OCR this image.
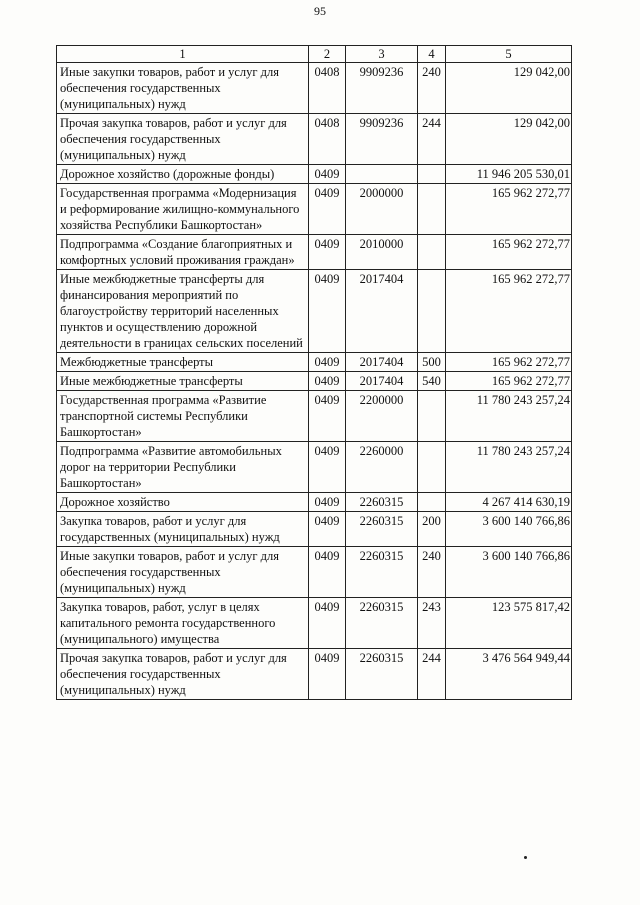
95
1	2	3	4	5
Иные закупки товаров, работ и услуг для обеспечения государственных (муниципальных) нужд	0408	9909236	240	129 042,00
Прочая закупка товаров, работ и услуг для обеспечения государственных (муниципальных) нужд	0408	9909236	244	129 042,00
Дорожное хозяйство (дорожные фонды)	0409			11 946 205 530,01
Государственная программа «Модернизация и реформирование жилищно-коммунального хозяйства Республики Башкортостан»	0409	2000000		165 962 272,77
Подпрограмма «Создание благоприятных и комфортных условий проживания граждан»	0409	2010000		165 962 272,77
Иные межбюджетные трансферты для финансирования мероприятий по благоустройству территорий населенных пунктов и осуществлению дорожной деятельности в границах сельских поселений	0409	2017404		165 962 272,77
Межбюджетные трансферты	0409	2017404	500	165 962 272,77
Иные межбюджетные трансферты	0409	2017404	540	165 962 272,77
Государственная программа «Развитие транспортной системы Республики Башкортостан»	0409	2200000		11 780 243 257,24
Подпрограмма «Развитие автомобильных дорог на территории Республики Башкортостан»	0409	2260000		11 780 243 257,24
Дорожное хозяйство	0409	2260315		4 267 414 630,19
Закупка товаров, работ и услуг для государственных (муниципальных) нужд	0409	2260315	200	3 600 140 766,86
Иные закупки товаров, работ и услуг для обеспечения государственных (муниципальных) нужд	0409	2260315	240	3 600 140 766,86
Закупка товаров, работ, услуг в целях капитального ремонта государственного (муниципального) имущества	0409	2260315	243	123 575 817,42
Прочая закупка товаров, работ и услуг для обеспечения государственных (муниципальных) нужд	0409	2260315	244	3 476 564 949,44
